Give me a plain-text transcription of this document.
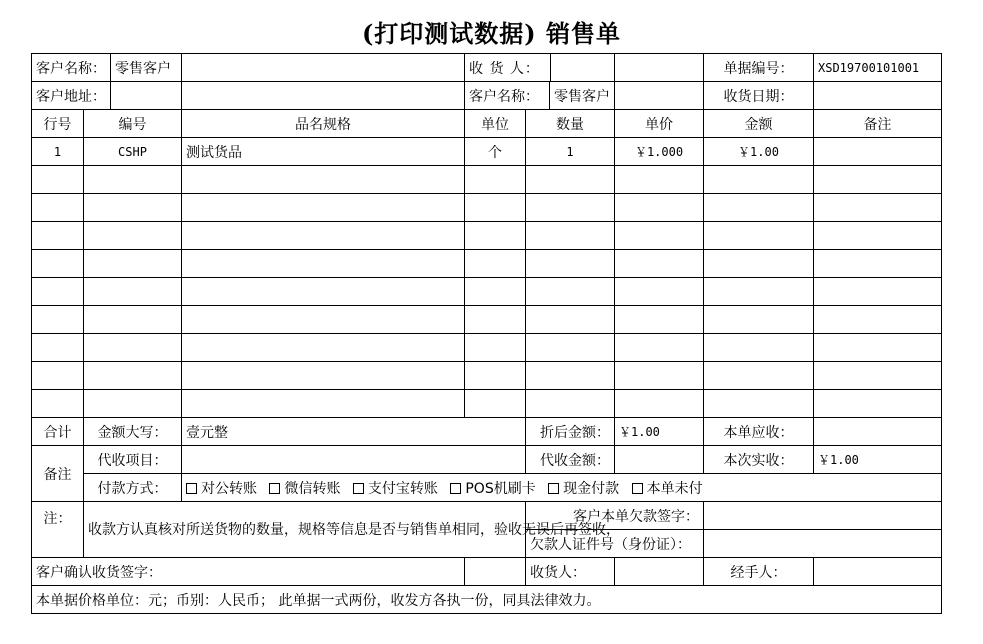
(打印测试数据) 销售单
客户名称： 零售客户			收 货 人：			单据编号：	XSD19700101001

客户地址：			客户名称： 零售客户			收货日期：	
行号	编号	品名规格	单位	数量	单价	金额	备注
1	CSHP	测试货品	个	1	￥1.000	￥1.00	

合计	金额大写：	壹元整		折后金额：	￥1.00	本单应收：	
备注	代收项目：			代收金额：		本次实收：	￥1.00
	付款方式：	对公转账 微信转账 支付宝转账 POS机刷卡 现金付款 本单未付					
注：	收款方认真核对所送货物的数量，规格等信息是否与销售单相同，验收无误后再签收，			客户本单欠款签字：			
				欠款人证件号（身份证）：			
客户确认收货签字：				收货人：		经手人：	
本单据价格单位：元；币别：人民币； 此单据一式两份，收发方各执一份，同具法律效力。							
